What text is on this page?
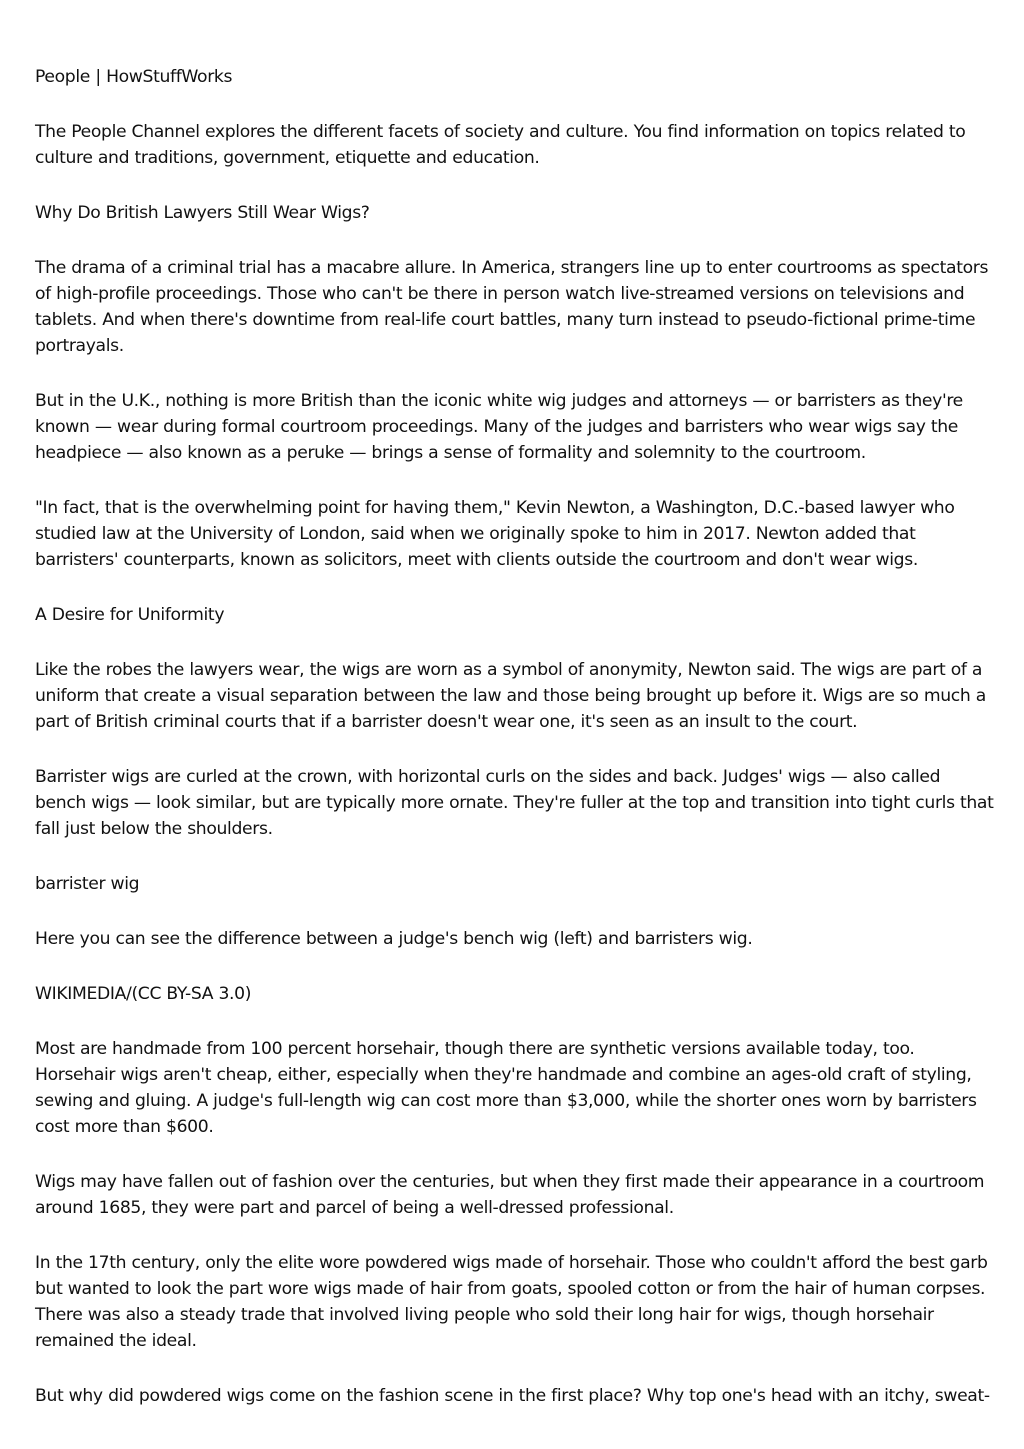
People | HowStuffWorks

The People Channel explores the different facets of society and culture. You find information on topics related to culture and traditions, government, etiquette and education.

Why Do British Lawyers Still Wear Wigs?

The drama of a criminal trial has a macabre allure. In America, strangers line up to enter courtrooms as spectators of high-profile proceedings. Those who can't be there in person watch live-streamed versions on televisions and tablets. And when there's downtime from real-life court battles, many turn instead to pseudo-fictional prime-time portrayals.

But in the U.K., nothing is more British than the iconic white wig judges and attorneys — or barristers as they're known — wear during formal courtroom proceedings. Many of the judges and barristers who wear wigs say the headpiece — also known as a peruke — brings a sense of formality and solemnity to the courtroom.

"In fact, that is the overwhelming point for having them," Kevin Newton, a Washington, D.C.-based lawyer who studied law at the University of London, said when we originally spoke to him in 2017. Newton added that barristers' counterparts, known as solicitors, meet with clients outside the courtroom and don't wear wigs.

A Desire for Uniformity

Like the robes the lawyers wear, the wigs are worn as a symbol of anonymity, Newton said. The wigs are part of a uniform that create a visual separation between the law and those being brought up before it. Wigs are so much a part of British criminal courts that if a barrister doesn't wear one, it's seen as an insult to the court.

Barrister wigs are curled at the crown, with horizontal curls on the sides and back. Judges' wigs — also called bench wigs — look similar, but are typically more ornate. They're fuller at the top and transition into tight curls that fall just below the shoulders.

barrister wig

Here you can see the difference between a judge's bench wig (left) and barristers wig.

WIKIMEDIA/(CC BY-SA 3.0)

Most are handmade from 100 percent horsehair, though there are synthetic versions available today, too. Horsehair wigs aren't cheap, either, especially when they're handmade and combine an ages-old craft of styling, sewing and gluing. A judge's full-length wig can cost more than $3,000, while the shorter ones worn by barristers cost more than $600.

Wigs may have fallen out of fashion over the centuries, but when they first made their appearance in a courtroom around 1685, they were part and parcel of being a well-dressed professional.

In the 17th century, only the elite wore powdered wigs made of horsehair. Those who couldn't afford the best garb but wanted to look the part wore wigs made of hair from goats, spooled cotton or from the hair of human corpses. There was also a steady trade that involved living people who sold their long hair for wigs, though horsehair remained the ideal.

But why did powdered wigs come on the fashion scene in the first place? Why top one's head with an itchy, sweat-
